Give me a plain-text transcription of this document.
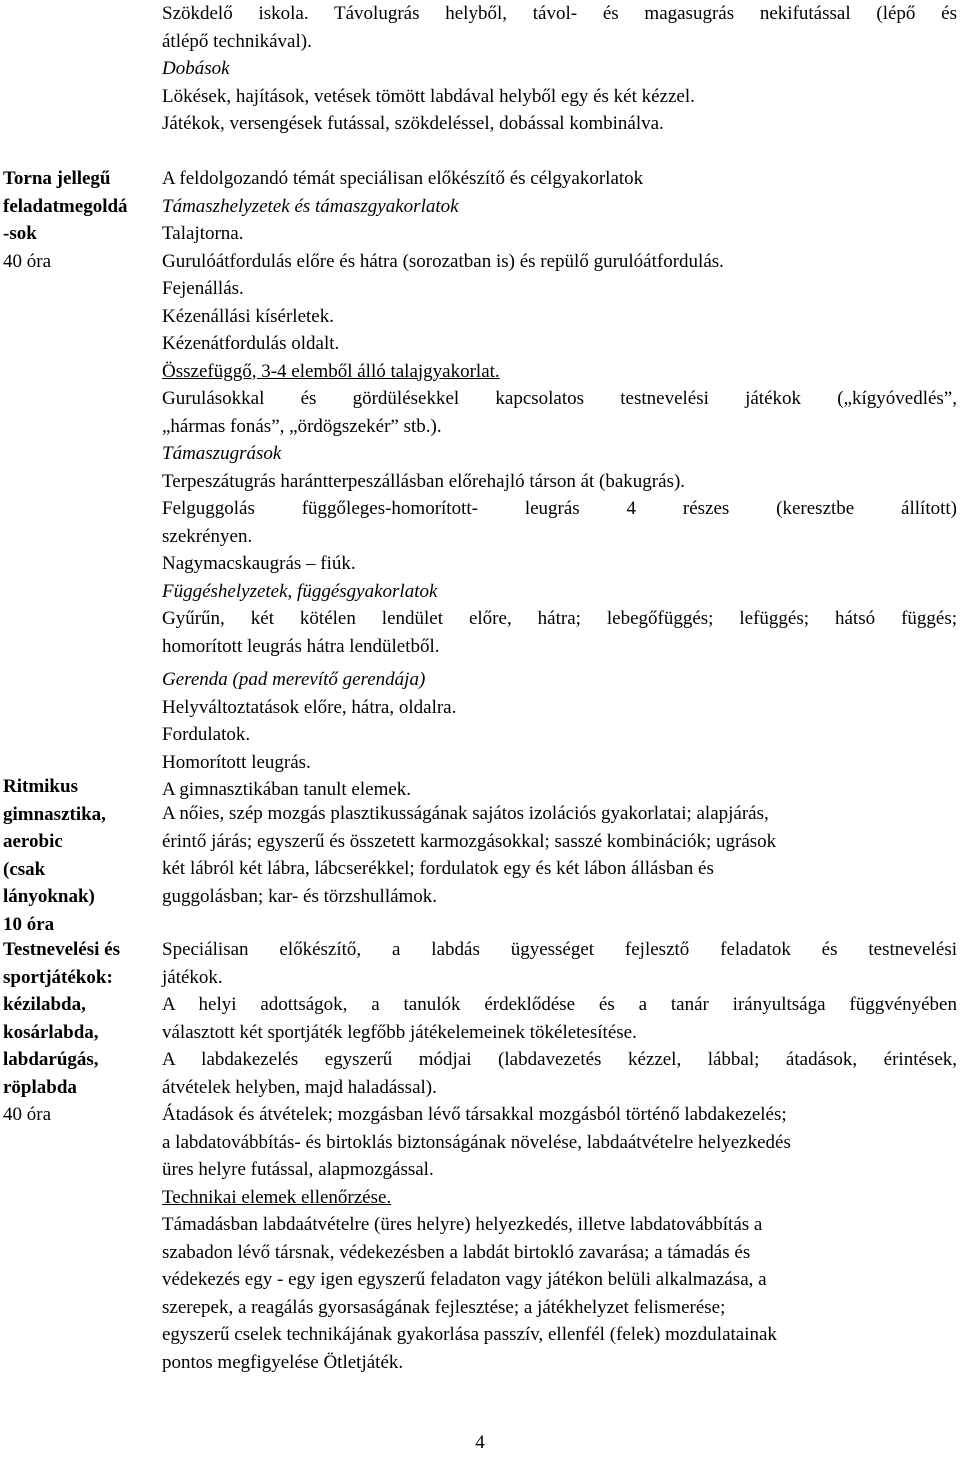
Szökdelő iskola. Távolugrás helyből, távol- és magasugrás nekifutással (lépő és
átlépő technikával).
Dobások
Lökések, hajítások, vetések tömött labdával helyből egy és két kézzel.
Játékok, versengések futással, szökdeléssel, dobással kombinálva.
Torna jellegű
feladatmegoldá
-sok
40 óra
A feldolgozandó témát speciálisan előkészítő és célgyakorlatok
Támaszhelyzetek és támaszgyakorlatok
Talajtorna.
Gurulóátfordulás előre és hátra (sorozatban is) és repülő gurulóátfordulás.
Fejenállás.
Kézenállási kísérletek.
Kézenátfordulás oldalt.
Összefüggő, 3-4 elemből álló talajgyakorlat.
Gurulásokkal és gördülésekkel kapcsolatos testnevelési játékok („kígyóvedlés”,
„hármas fonás”, „ördögszekér” stb.).
Támaszugrások
Terpeszátugrás harántterpeszállásban előrehajló társon át (bakugrás).
Felguggolás függőleges-homorított- leugrás 4 részes (keresztbe állított)
szekrényen.
Nagymacskaugrás – fiúk.
Függéshelyzetek, függésgyakorlatok
Gyűrűn, két kötélen lendület előre, hátra; lebegőfüggés; lefüggés; hátsó függés;
homorított leugrás hátra lendületből.
Gerenda (pad merevítő gerendája)
Helyváltoztatások előre, hátra, oldalra.
Fordulatok.
Homorított leugrás.
A gimnasztikában tanult elemek.
Ritmikus
gimnasztika,
aerobic
(csak
lányoknak)
10 óra
A nőies, szép mozgás plasztikusságának sajátos izolációs gyakorlatai; alapjárás,
érintő járás; egyszerű és összetett karmozgásokkal; sasszé kombinációk; ugrások
két lábról két lábra, lábcserékkel; fordulatok egy és két lábon állásban és
guggolásban; kar- és törzshullámok.
Testnevelési és
sportjátékok:
kézilabda,
kosárlabda,
labdarúgás,
röplabda
40 óra
Speciálisan előkészítő, a labdás ügyességet fejlesztő feladatok és testnevelési
játékok.
A helyi adottságok, a tanulók érdeklődése és a tanár irányultsága függvényében
választott két sportjáték legfőbb játékelemeinek tökéletesítése.
A labdakezelés egyszerű módjai (labdavezetés kézzel, lábbal; átadások, érintések,
átvételek helyben, majd haladással).
Átadások és átvételek; mozgásban lévő társakkal mozgásból történő labdakezelés;
a labdatovábbítás- és birtoklás biztonságának növelése, labdaátvételre helyezkedés
üres helyre futással, alapmozgással.
Technikai elemek ellenőrzése.
Támadásban labdaátvételre (üres helyre) helyezkedés, illetve labdatovábbítás a
szabadon lévő társnak, védekezésben a labdát birtokló zavarása; a támadás és
védekezés egy - egy igen egyszerű feladaton vagy játékon belüli alkalmazása, a
szerepek, a reagálás gyorsaságának fejlesztése; a játékhelyzet felismerése;
egyszerű cselek technikájának gyakorlása passzív, ellenfél (felek) mozdulatainak
pontos megfigyelése Ötletjáték.
4
